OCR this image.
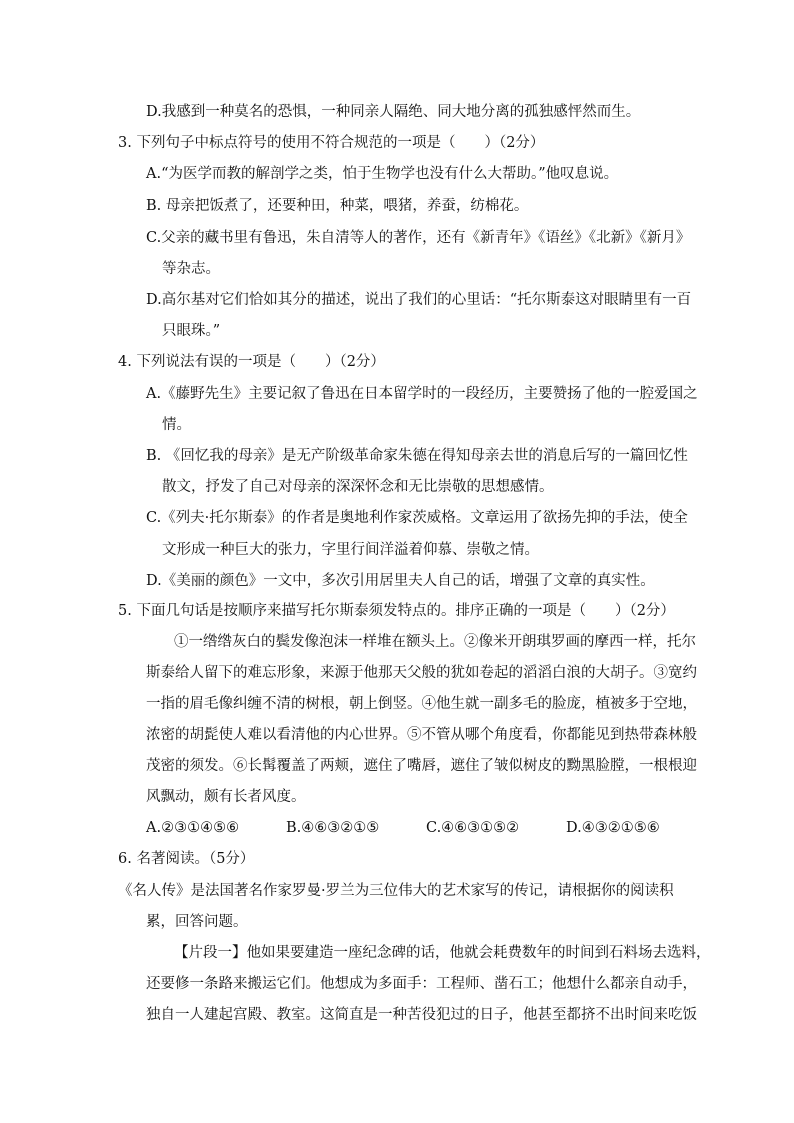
D.我感到一种莫名的恐惧，一种同亲人隔绝、同大地分离的孤独感怦然而生。
3. 下列句子中标点符号的使用不符合规范的一项是（　　）（2分）
A.“为医学而教的解剖学之类，怕于生物学也没有什么大帮助。”他叹息说。
B. 母亲把饭煮了，还要种田，种菜，喂猪，养蚕，纺棉花。
C.父亲的藏书里有鲁迅，朱自清等人的著作，还有《新青年》《语丝》《北新》《新月》
等杂志。
D.高尔基对它们恰如其分的描述，说出了我们的心里话：“托尔斯泰这对眼睛里有一百
只眼珠。”
4. 下列说法有误的一项是（　　）（2分）
A.《藤野先生》主要记叙了鲁迅在日本留学时的一段经历，主要赞扬了他的一腔爱国之
情。
B. 《回忆我的母亲》是无产阶级革命家朱德在得知母亲去世的消息后写的一篇回忆性
散文，抒发了自己对母亲的深深怀念和无比崇敬的思想感情。
C.《列夫·托尔斯泰》的作者是奥地利作家茨威格。文章运用了欲扬先抑的手法，使全
文形成一种巨大的张力，字里行间洋溢着仰慕、崇敬之情。
D.《美丽的颜色》一文中，多次引用居里夫人自己的话，增强了文章的真实性。
5. 下面几句话是按顺序来描写托尔斯泰须发特点的。排序正确的一项是（　　）（2分）
①一绺绺灰白的鬓发像泡沫一样堆在额头上。②像米开朗琪罗画的摩西一样，托尔
斯泰给人留下的难忘形象，来源于他那天父般的犹如卷起的滔滔白浪的大胡子。③宽约
一指的眉毛像纠缠不清的树根，朝上倒竖。④他生就一副多毛的脸庞，植被多于空地，
浓密的胡髭使人难以看清他的内心世界。⑤不管从哪个角度看，你都能见到热带森林般
茂密的须发。⑥长髯覆盖了两颊，遮住了嘴唇，遮住了皱似树皮的黝黑脸膛，一根根迎
风飘动，颇有长者风度。
A.②③①④⑤⑥	B.④⑥③②①⑤	C.④⑥③①⑤②	D.④③②①⑤⑥
6. 名著阅读。（5分）
《名人传》是法国著名作家罗曼·罗兰为三位伟大的艺术家写的传记，请根据你的阅读积
累，回答问题。
【片段一】他如果要建造一座纪念碑的话，他就会耗费数年的时间到石料场去选料，
还要修一条路来搬运它们。他想成为多面手：工程师、凿石工；他想什么都亲自动手，
独自一人建起宫殿、教室。这简直是一种苦役犯过的日子，他甚至都挤不出时间来吃饭
